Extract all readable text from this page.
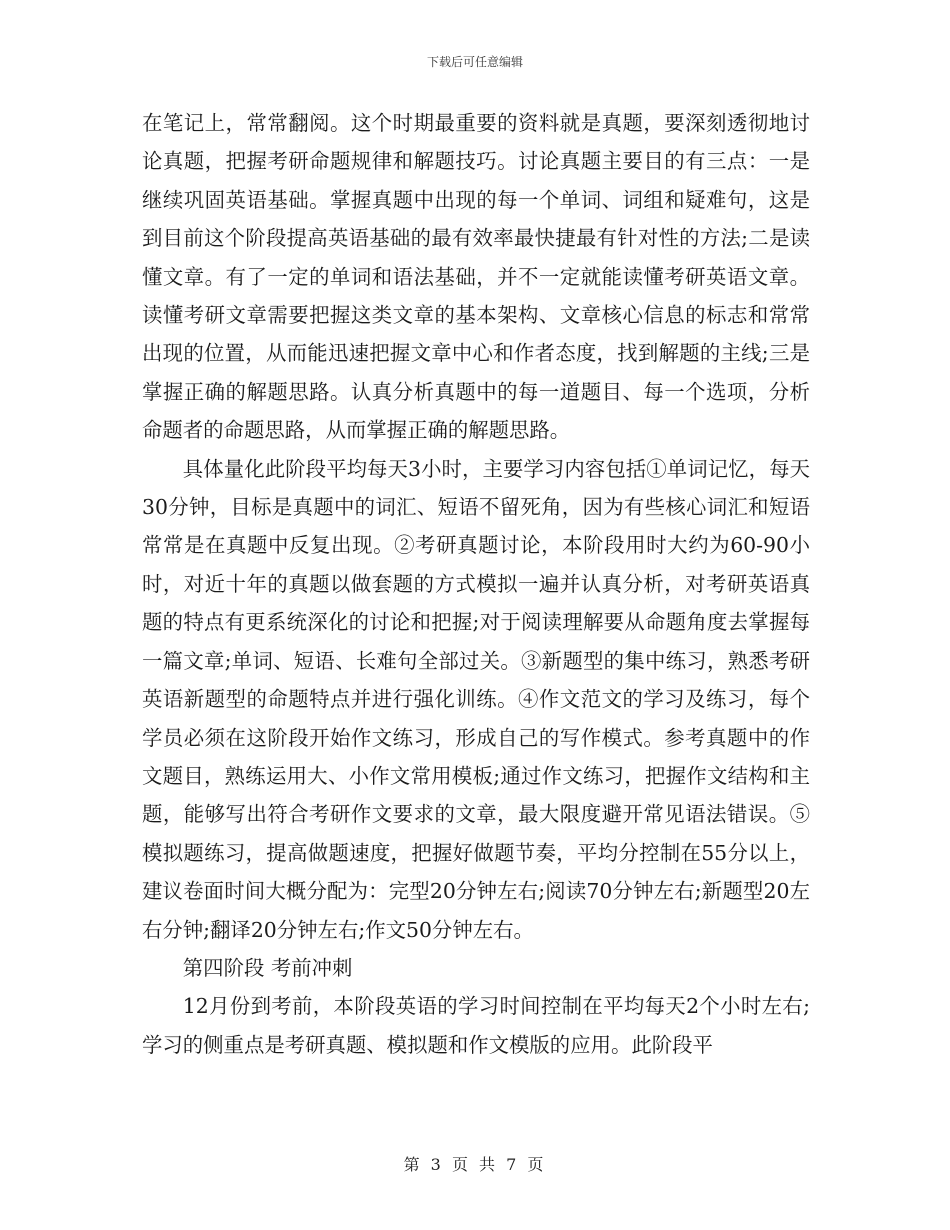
下载后可任意编辑

在笔记上，常常翻阅。这个时期最重要的资料就是真题，要深刻透彻地讨论真题，把握考研命题规律和解题技巧。讨论真题主要目的有三点：一是继续巩固英语基础。掌握真题中出现的每一个单词、词组和疑难句，这是到目前这个阶段提高英语基础的最有效率最快捷最有针对性的方法;二是读懂文章。有了一定的单词和语法基础，并不一定就能读懂考研英语文章。读懂考研文章需要把握这类文章的基本架构、文章核心信息的标志和常常出现的位置，从而能迅速把握文章中心和作者态度，找到解题的主线;三是掌握正确的解题思路。认真分析真题中的每一道题目、每一个选项，分析命题者的命题思路，从而掌握正确的解题思路。

具体量化此阶段平均每天3小时，主要学习内容包括①单词记忆，每天30分钟，目标是真题中的词汇、短语不留死角，因为有些核心词汇和短语常常是在真题中反复出现。②考研真题讨论，本阶段用时大约为60-90小时，对近十年的真题以做套题的方式模拟一遍并认真分析，对考研英语真题的特点有更系统深化的讨论和把握;对于阅读理解要从命题角度去掌握每一篇文章;单词、短语、长难句全部过关。③新题型的集中练习，熟悉考研英语新题型的命题特点并进行强化训练。④作文范文的学习及练习，每个学员必须在这阶段开始作文练习，形成自己的写作模式。参考真题中的作文题目，熟练运用大、小作文常用模板;通过作文练习，把握作文结构和主题，能够写出符合考研作文要求的文章，最大限度避开常见语法错误。⑤模拟题练习，提高做题速度，把握好做题节奏，平均分控制在55分以上，建议卷面时间大概分配为：完型20分钟左右;阅读70分钟左右;新题型20左右分钟;翻译20分钟左右;作文50分钟左右。

第四阶段 考前冲刺

12月份到考前，本阶段英语的学习时间控制在平均每天2个小时左右;学习的侧重点是考研真题、模拟题和作文模版的应用。此阶段平

第 3 页 共 7 页
